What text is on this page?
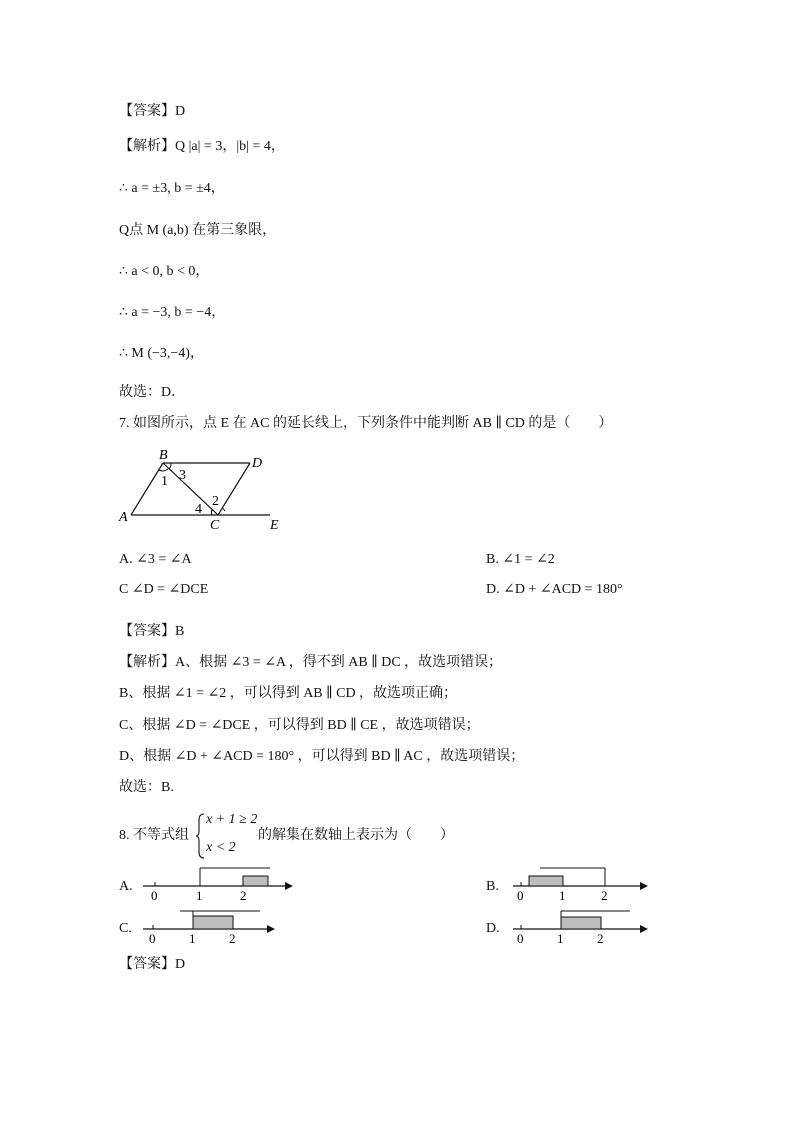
【答案】D
【解析】Q |a| = 3，|b| = 4，
∴ a = ±3, b = ±4，
Q点 M (a,b) 在第三象限，
∴ a < 0, b < 0，
∴ a = −3, b = −4，
∴ M (−3,−4)，
故选：D．
7. 如图所示，点 E 在 AC 的延长线上，下列条件中能判断 AB ∥ CD 的是（　　）
B
D
3
1
2
4
A
C	E
A. ∠3 = ∠A	B. ∠1 = ∠2
C ∠D = ∠DCE	D. ∠D + ∠ACD = 180°
【答案】B
【解析】A、根据 ∠3 = ∠A ，得不到 AB ∥ DC ，故选项错误；
B、根据 ∠1 = ∠2 ，可以得到 AB ∥ CD ，故选项正确；
C、根据 ∠D = ∠DCE ，可以得到 BD ∥ CE ，故选项错误；
D、根据 ∠D + ∠ACD = 180° ，可以得到 BD ∥ AC ，故选项错误；
故选：B.
8. 不等式组
x + 1 ≥ 2
x < 2
的解集在数轴上表示为（　　）
A.
0	1	2
B.
0	1	2
C.
0	1	2
D.
0	1	2
【答案】D
